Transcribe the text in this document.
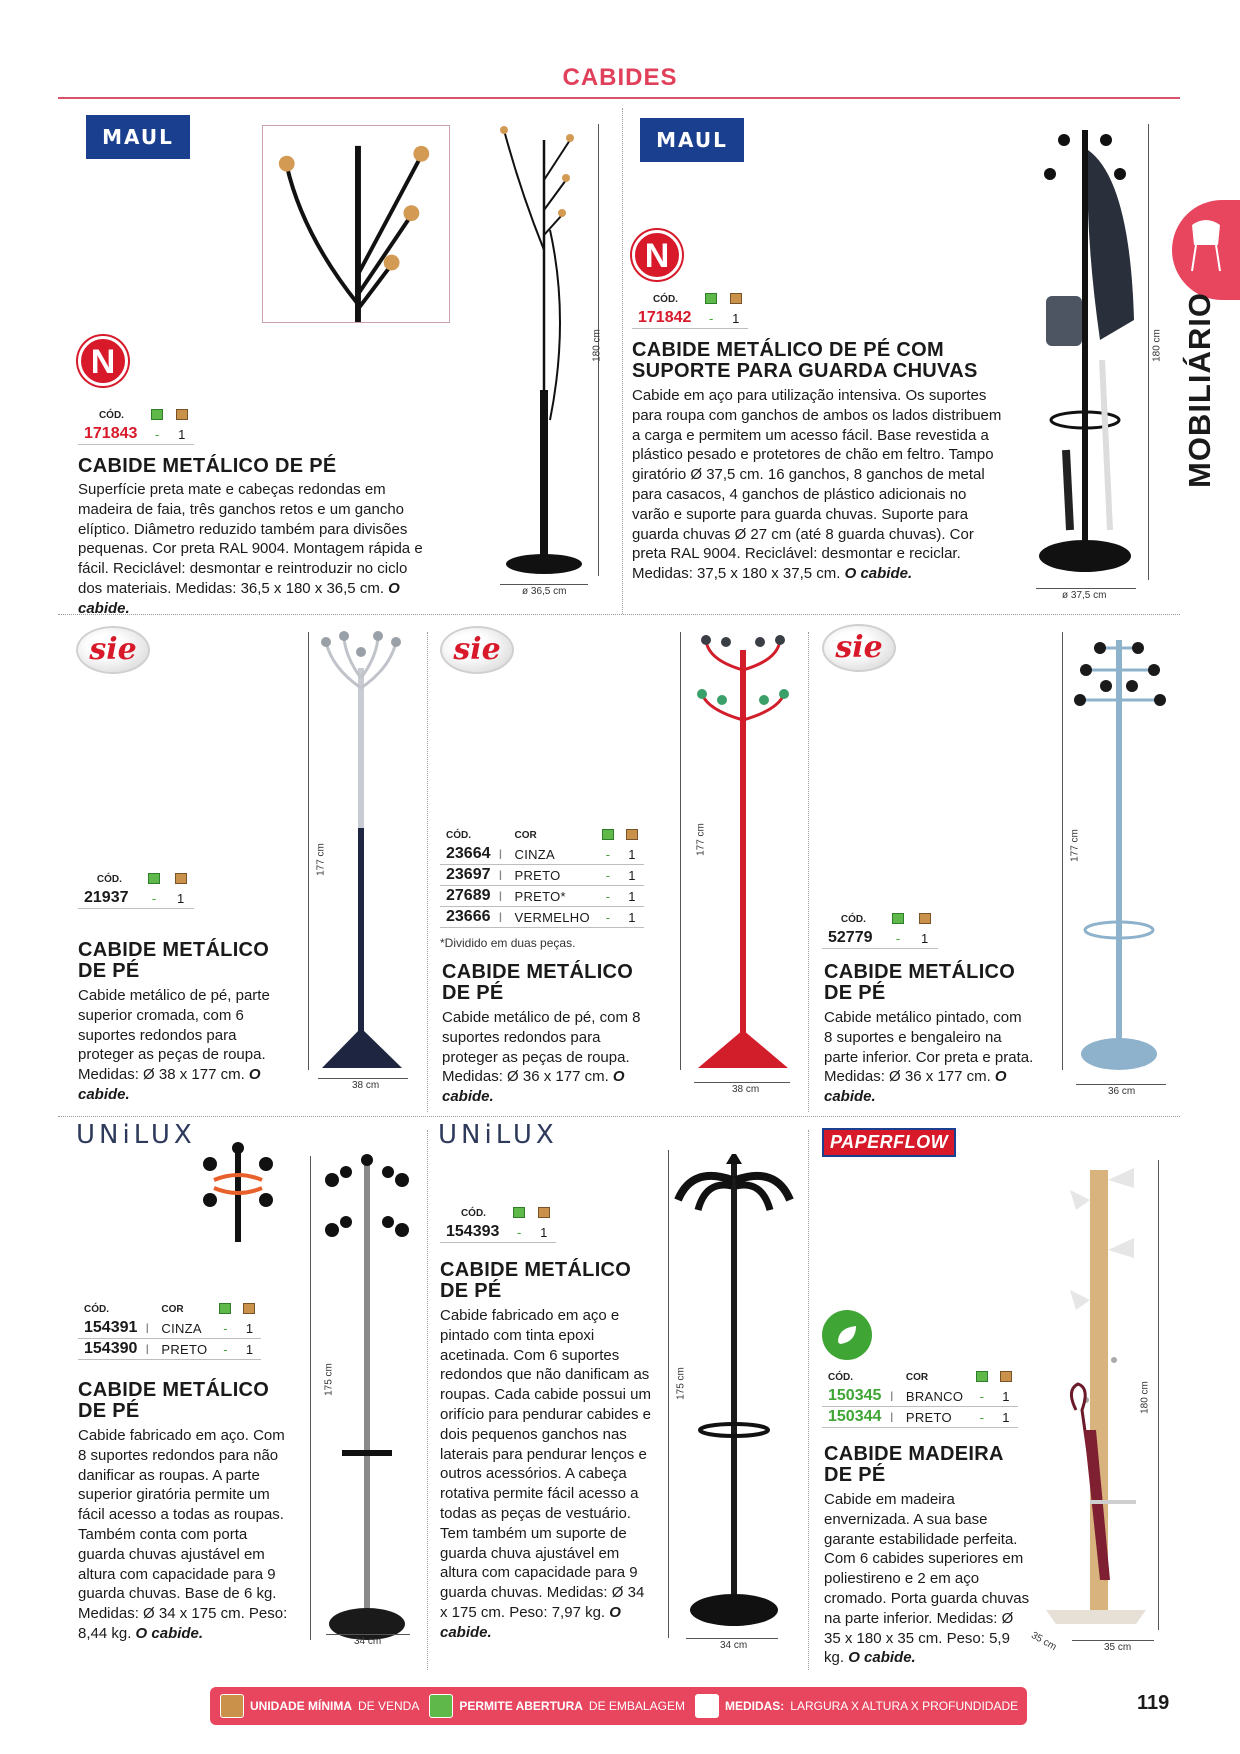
CABIDES
MOBILIÁRIO
MAUL
N	180 cm
ø 36,5 cm
CÓD.		
171843	-	1
CABIDE METÁLICO DE PÉ
Superfície preta mate e cabeças redondas em madeira de faia, três ganchos retos e um gancho elíptico. Diâmetro reduzido também para divisões pequenas. Cor preta RAL 9004. Montagem rápida e fácil. Reciclável: desmontar e reintroduzir no ciclo dos materiais. Medidas: 36,5 x 180 x 36,5 cm. O cabide.
MAUL
N
CÓD.		
171842	-	1
CABIDE METÁLICO DE PÉ COM
SUPORTE PARA GUARDA CHUVAS
Cabide em aço para utilização intensiva. Os suportes para roupa com ganchos de ambos os lados distribuem a carga e permitem um acesso fácil. Base revestida a plástico pesado e protetores de chão em feltro. Tampo giratório Ø 37,5 cm. 16 ganchos, 8 ganchos de metal para casacos, 4 ganchos de plástico adicionais no varão e suporte para guarda chuvas. Suporte para guarda chuvas Ø 27 cm (até 8 guarda chuvas). Cor preta RAL 9004. Reciclável: desmontar e reciclar. Medidas: 37,5 x 180 x 37,5 cm. O cabide.
180 cm
ø 37,5 cm
sie
CÓD.		
21937	-	1
CABIDE METÁLICO
DE PÉ
Cabide metálico de pé, parte superior cromada, com 6 suportes redondos para proteger as peças de roupa. Medidas: Ø 38 x 177 cm. O cabide.
177 cm
38 cm
sie
CÓD.		COR		
23664	I	CINZA	-	1
23697	I	PRETO	-	1
27689	I	PRETO*	-	1
23666	I	VERMELHO	-	1
*Dividido em duas peças.
CABIDE METÁLICO
DE PÉ
Cabide metálico de pé, com 8 suportes redondos para proteger as peças de roupa. Medidas: Ø 36 x 177 cm. O cabide.
177 cm
38 cm
sie
CÓD.		
52779	-	1
CABIDE METÁLICO
DE PÉ
Cabide metálico pintado, com 8 suportes e bengaleiro na parte inferior. Cor preta e prata. Medidas: Ø 36 x 177 cm. O cabide.
177 cm
36 cm
UNiLUX
CÓD.		COR		
154391	I	CINZA	-	1
154390	I	PRETO	-	1
CABIDE METÁLICO
DE PÉ
Cabide fabricado em aço. Com 8 suportes redondos para não danificar as roupas. A parte superior giratória permite um fácil acesso a todas as roupas. Também conta com porta guarda chuvas ajustável em altura com capacidade para 9 guarda chuvas. Base de 6 kg. Medidas: Ø 34 x 175 cm. Peso: 8,44 kg. O cabide.
175 cm
34 cm
UNiLUX
CÓD.		
154393	-	1
CABIDE METÁLICO
DE PÉ
Cabide fabricado em aço e pintado com tinta epoxi acetinada. Com 6 suportes redondos que não danificam as roupas. Cada cabide possui um orifício para pendurar cabides e dois pequenos ganchos nas laterais para pendurar lenços e outros acessórios. A cabeça rotativa permite fácil acesso a todas as peças de vestuário. Tem também um suporte de guarda chuva ajustável em altura com capacidade para 9 guarda chuvas. Medidas: Ø 34 x 175 cm. Peso: 7,97 kg. O cabide.
175 cm
34 cm
PAPERFLOW
CÓD.		COR		
150345	I	BRANCO	-	1
150344	I	PRETO	-	1
CABIDE MADEIRA
DE PÉ
Cabide em madeira envernizada. A sua base garante estabilidade perfeita. Com 6 cabides superiores em poliestireno e 2 em aço cromado. Porta guarda chuvas na parte inferior. Medidas: Ø 35 x 180 x 35 cm. Peso: 5,9 kg. O cabide.
180 cm
35 cm	35 cm
UNIDADE MÍNIMA DE VENDA	PERMITE ABERTURA DE EMBALAGEM	MEDIDAS: LARGURA X ALTURA X PROFUNDIDADE	119
